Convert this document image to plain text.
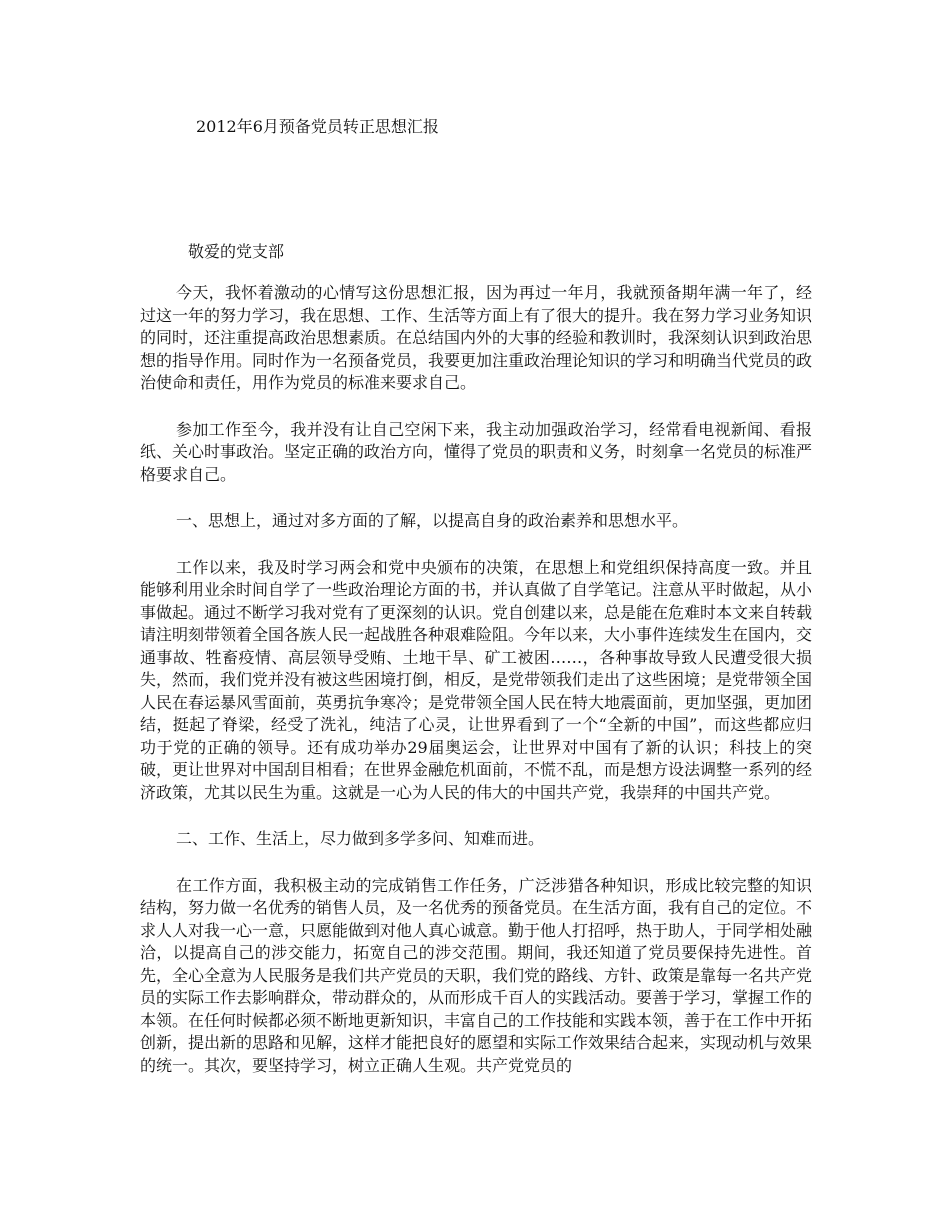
2012年6月预备党员转正思想汇报
敬爱的党支部

今天，我怀着激动的心情写这份思想汇报，因为再过一年月，我就预备期年满一年了，经过这一年的努力学习，我在思想、工作、生活等方面上有了很大的提升。我在努力学习业务知识的同时，还注重提高政治思想素质。在总结国内外的大事的经验和教训时，我深刻认识到政治思想的指导作用。同时作为一名预备党员，我要更加注重政治理论知识的学习和明确当代党员的政治使命和责任，用作为党员的标准来要求自己。

参加工作至今，我并没有让自己空闲下来，我主动加强政治学习，经常看电视新闻、看报纸、关心时事政治。坚定正确的政治方向，懂得了党员的职责和义务，时刻拿一名党员的标准严格要求自己。

一、思想上，通过对多方面的了解，以提高自身的政治素养和思想水平。

工作以来，我及时学习两会和党中央颁布的决策，在思想上和党组织保持高度一致。并且能够利用业余时间自学了一些政治理论方面的书，并认真做了自学笔记。注意从平时做起，从小事做起。通过不断学习我对党有了更深刻的认识。党自创建以来，总是能在危难时本文来自转载请注明刻带领着全国各族人民一起战胜各种艰难险阻。今年以来，大小事件连续发生在国内，交通事故、牲畜疫情、高层领导受贿、土地干旱、矿工被困……，各种事故导致人民遭受很大损失，然而，我们党并没有被这些困境打倒，相反，是党带领我们走出了这些困境；是党带领全国人民在春运暴风雪面前，英勇抗争寒冷；是党带领全国人民在特大地震面前，更加坚强，更加团结，挺起了脊梁，经受了洗礼，纯洁了心灵，让世界看到了一个“全新的中国”，而这些都应归功于党的正确的领导。还有成功举办29届奥运会，让世界对中国有了新的认识；科技上的突破，更让世界对中国刮目相看；在世界金融危机面前，不慌不乱，而是想方设法调整一系列的经济政策，尤其以民生为重。这就是一心为人民的伟大的中国共产党，我崇拜的中国共产党。

二、工作、生活上，尽力做到多学多问、知难而进。

在工作方面，我积极主动的完成销售工作任务，广泛涉猎各种知识，形成比较完整的知识结构，努力做一名优秀的销售人员，及一名优秀的预备党员。在生活方面，我有自己的定位。不求人人对我一心一意，只愿能做到对他人真心诚意。勤于他人打招呼，热于助人，于同学相处融洽，以提高自己的涉交能力，拓宽自己的涉交范围。期间，我还知道了党员要保持先进性。首先，全心全意为人民服务是我们共产党员的天职，我们党的路线、方针、政策是靠每一名共产党员的实际工作去影响群众，带动群众的，从而形成千百人的实践活动。要善于学习，掌握工作的本领。在任何时候都必须不断地更新知识，丰富自己的工作技能和实践本领，善于在工作中开拓创新，提出新的思路和见解，这样才能把良好的愿望和实际工作效果结合起来，实现动机与效果的统一。其次，要坚持学习，树立正确人生观。共产党党员的
